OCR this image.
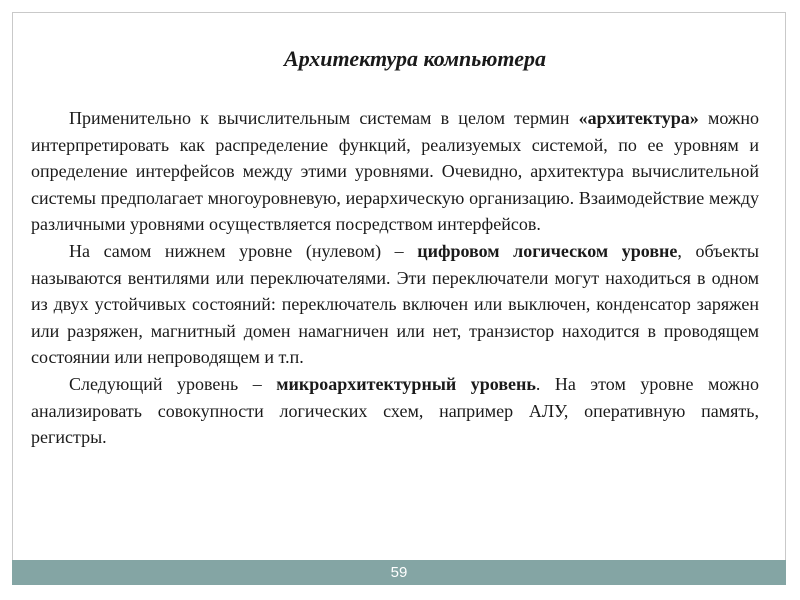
Архитектура компьютера

Применительно к вычислительным системам в целом термин «архитектура» можно интерпретировать как распределение функций, реализуемых системой, по ее уровням и определение интерфейсов между этими уровнями. Очевидно, архитектура вычислительной системы предполагает многоуровневую, иерархическую организацию. Взаимодействие между различными уровнями осуществляется посредством интерфейсов.

На самом нижнем уровне (нулевом) – цифровом логическом уровне, объекты называются вентилями или переключателями. Эти переключатели могут находиться в одном из двух устойчивых состояний: переключатель включен или выключен, конденсатор заряжен или разряжен, магнитный домен намагничен или нет, транзистор находится в проводящем состоянии или непроводящем и т.п.

Следующий уровень – микроархитектурный уровень. На этом уровне можно анализировать совокупности логических схем, например АЛУ, оперативную память, регистры.

59
